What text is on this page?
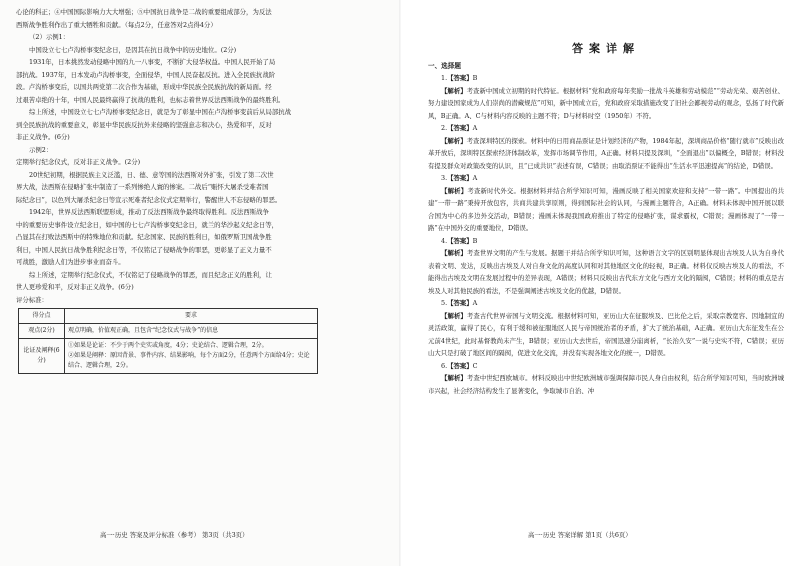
心论的科正；④中国国际影响力大大增强；⑤中国抗日战争是二战的重要组成部分，为反法
西斯战争胜利作出了重大牺牲和贡献。（每点2分，任意答对2点得4分）
（2）示例1：
中国设立七七卢沟桥事变纪念日，是因其在抗日战争中的历史地位。(2分)
1931年，日本挑然发动侵略中国的九一八事变，不断扩大侵华权益。中国人民开始了局
部抗战。1937年，日本发动卢沟桥事变，全面侵华，中国人民奋起反抗。进入全民族抗战阶
段。卢沟桥事变后，以国共两党第二次合作为基础，形成中华民族全民族抗战的新局面。经
过艰苦卓绝的十年，中国人民最终赢得了抗战的胜利，也标志着世界反法西斯战争的最终胜利。
综上所述，中国设立七七卢沟桥事变纪念日，就是为了彰显中国在卢沟桥事变前后从局部抗战
到全民族抗战的重要意义，彰显中华民族反抗外来侵略的坚强意志和决心，热爱和平，反对
非正义战争。(6分)
示例2：
定期举行纪念仪式，反对非正义战争。(2分)
20世纪初期，根据民族主义泛滥，日、德、意等国的法西斯对外扩张，引发了第二次世
界大战，法西斯在侵略扩张中制造了一系列惨绝人寰的惨案。二战后“赈怀大屠杀受难者国
际纪念日”，以色列大屠杀纪念日等宣示死难者纪念仪式定期举行，警醒世人不忘侵略的罪恶。
1942年，世界反法西斯联盟形成，推动了反法西斯战争最终取得胜利。反法西斯战争
中的重要历史事件设立纪念日，如中国的七七卢沟桥事变纪念日，就兰的华沙起义纪念日等，
凸显其在打败法西斯中的特殊地位和贡献。纪念国家、民族的胜利日，如俄罗斯卫国战争胜
利日，中国人民抗日战争胜利纪念日等，不仅铭记了侵略战争的罪恶，更彰显了正义力量不
可战胜，激励人们为进步事业而奋斗。
综上所述，定期举行纪念仪式，不仅铭记了侵略战争的罪恶，而且纪念正义的胜利，让
世人更珍爱和平，反对非正义战争。(6分)
评分标准：
得分点	要求
观点(2分)	观点明确，价值观正确，且包含“纪念仪式与战争”的信息
论证及阐释(6分)	①如果是论证：不少于两个史实或角度，4分；史论结合、逻辑合理，2分。
②如果是阐释：原因背景、事件内容、结果影响，每个方面2分，任意两个方面给4分；史论结合、逻辑合理，2分。
高一·历史 答案及评分标准（参考） 第3页（共3页）
答案详解
一、选择题

1.【答案】B

【解析】考查新中国成立初期的时代特征。根据材料“党和政府每年奖励一批战斗英雄和劳动模范”“劳动光荣、艰苦创业、努力建设国家成为人们崇尚的潜藏规范”可知，新中国成立后，党和政府采取措施改变了旧社会鄙视劳动的观念，弘扬了时代新风，B正确。A、C与材料内容反映的主题不符；D与材料时空（1950年）不符。

2.【答案】A

【解析】考查深圳特区的探索。材料中的日用商品票证是计划经济的产物，1984年起，深圳商品价格“随行就市”反映出改革开放后，深圳特区探索经济体制改革，发挥市场调节作用，A正确。材料只提及深圳，“全面退出”以偏概全，B错误；材料没有提及群众对政策改变的认识，且“已成共识”表述有误，C错误；由取消票证不能得出“生活水平迅速提高”的结论，D错误。

3.【答案】A

【解析】考查新时代外交。根据材料并结合所学知识可知，漫画反映了相关国家欢迎和支持“一带一路”。中国提出的共建“一带一路”秉持开放包容，共商共建共享原则，得到国际社会的认同，与漫画主题符合，A正确。材料未体现中国开展以联合国为中心的多边外交活动，B错误；漫画未体现我国政府推出了特定的侵略扩张，谋求霸权，C错误；漫画体现了“一带一路”在中国外交的重要地位，D错误。

4.【答案】B

【解析】考查世界文明的产生与发展。据题干并结合所学知识可知，这种语言文字的区别明显体现出古埃及人认为自身代表着文明、发达，反映出古埃及人对自身文化的高度认同和对其他地区文化的轻视，B正确。材料仅反映古埃及人的看法，不能得出古埃及文明在发展过程中的差异表现，A错误；材料只反映出古代东方文化与西方文化的隔阂，C错误；材料的重点是古埃及人对其他民族的看法，不是强调阐述古埃及文化的优越，D错误。

5.【答案】A

【解析】考查古代世界帝国与文明交流。根据材料可知，亚历山大在征服埃及、巴比伦之后，采取宗教宽容、因地制宜的灵活政策，赢得了民心，有利于缓和被征服地区人民与帝国统治者的矛盾，扩大了统治基础，A正确。亚历山大东征发生在公元前4世纪，此时基督教尚未产生，B错误；亚历山大去世后，帝国迅速分崩离析，“长治久安”一说与史实不符，C错误；亚历山大只是打破了地区间的隔阂，促进文化交流，并没有实现各地文化的统一，D错误。

6.【答案】C

【解析】考查中世纪西欧城市。材料反映出中世纪欧洲城市强调保障市民人身自由权利，结合所学知识可知，当时欧洲城市兴起，社会经济结构发生了显著变化，争取城市自治、冲

高一·历史 答案详解 第1页（共6页）
